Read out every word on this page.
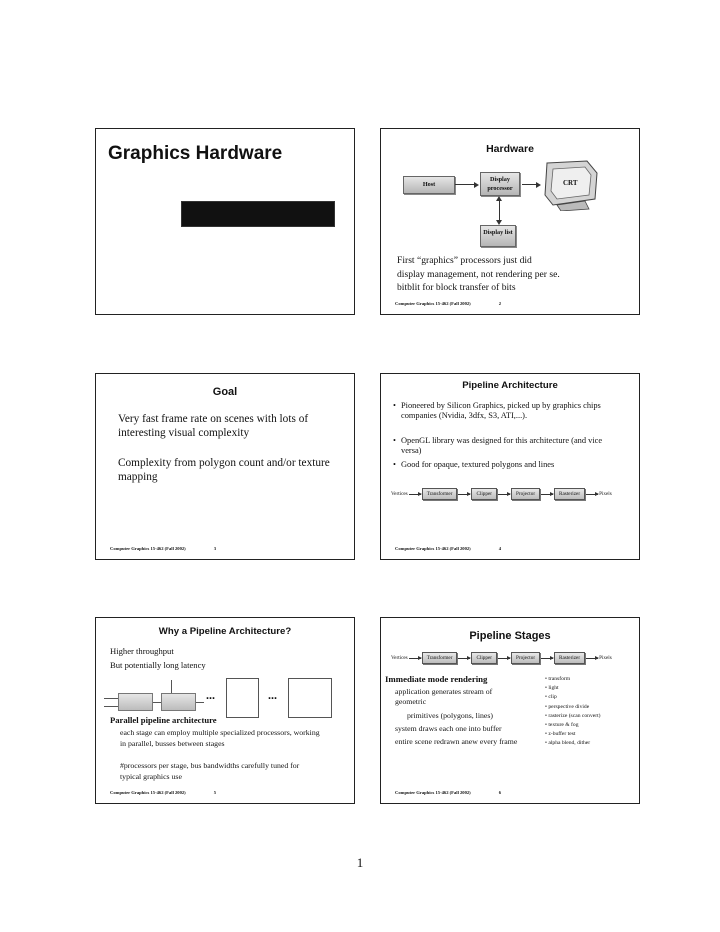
Graphics Hardware	Hardware
Host
Display processor
CRT
Display list
First “graphics” processors just did
display management, not rendering per se.
bitblit for block transfer of bits
Computer Graphics 15-462 (Fall 2002)	2
Goal
Very fast frame rate on scenes with lots of interesting visual complexity
Complexity from polygon count and/or texture mapping
Computer Graphics 15-462 (Fall 2002)	3
Pipeline Architecture
• Pioneered by Silicon Graphics, picked up by graphics chips companies (Nvidia, 3dfx, S3, ATI,...).
• OpenGL library was designed for this architecture (and vice versa)
• Good for opaque, textured polygons and lines
Vertices	Transformer	Clipper	Projector	Rasterizer	Pixels
Computer Graphics 15-462 (Fall 2002)	4
Why a Pipeline Architecture?
Higher throughput
But potentially long latency
...	...
Parallel pipeline architecture
each stage can employ multiple specialized processors, working in parallel, busses between stages
#processors per stage, bus bandwidths carefully tuned for typical graphics use
Computer Graphics 15-462 (Fall 2002)	5
Pipeline Stages
Vertices	Transformer	Clipper	Projector	Rasterizer	Pixels
Immediate mode rendering
application generates stream of geometric
primitives (polygons, lines)
system draws each one into buffer
entire scene redrawn anew every frame
• transform
• light
• clip
• perspective divide
• rasterize (scan convert)
• texture & fog
• z-buffer test
• alpha blend, dither
Computer Graphics 15-462 (Fall 2002)	6
1
